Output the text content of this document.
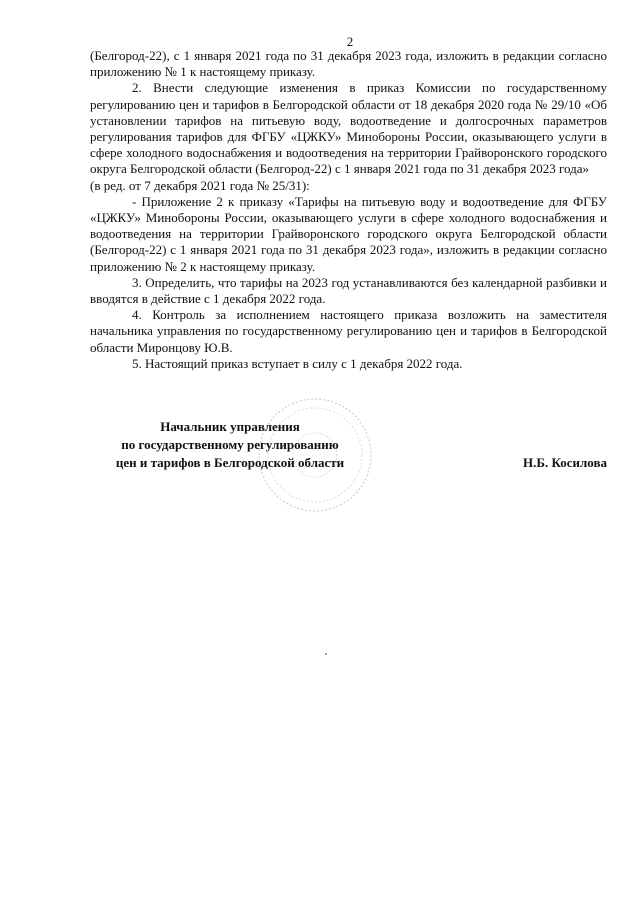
2

(Белгород-22), с 1 января 2021 года по 31 декабря 2023 года, изложить в редакции согласно приложению № 1 к настоящему приказу.

2. Внести следующие изменения в приказ Комиссии по государственному регулированию цен и тарифов в Белгородской области от 18 декабря 2020 года № 29/10 «Об установлении тарифов на питьевую воду, водоотведение и долгосрочных параметров регулирования тарифов для ФГБУ «ЦЖКУ» Минобороны России, оказывающего услуги в сфере холодного водоснабжения и водоотведения на территории Грайворонского городского округа Белгородской области (Белгород-22) с 1 января 2021 года по 31 декабря 2023 года»

(в ред. от 7 декабря 2021 года № 25/31):

- Приложение 2 к приказу «Тарифы на питьевую воду и водоотведение для ФГБУ «ЦЖКУ» Минобороны России, оказывающего услуги в сфере холодного водоснабжения и водоотведения на территории Грайворонского городского округа Белгородской области (Белгород-22) с 1 января 2021 года по 31 декабря 2023 года», изложить в редакции согласно приложению № 2 к настоящему приказу.

3. Определить, что тарифы на 2023 год устанавливаются без календарной разбивки и вводятся в действие с 1 декабря 2022 года.

4. Контроль за исполнением настоящего приказа возложить на заместителя начальника управления по государственному регулированию цен и тарифов в Белгородской области Миронцову Ю.В.

5. Настоящий приказ вступает в силу с 1 декабря 2022 года.

Начальник управления
по государственному регулированию
цен и тарифов в Белгородской области	Н.Б. Косилова
